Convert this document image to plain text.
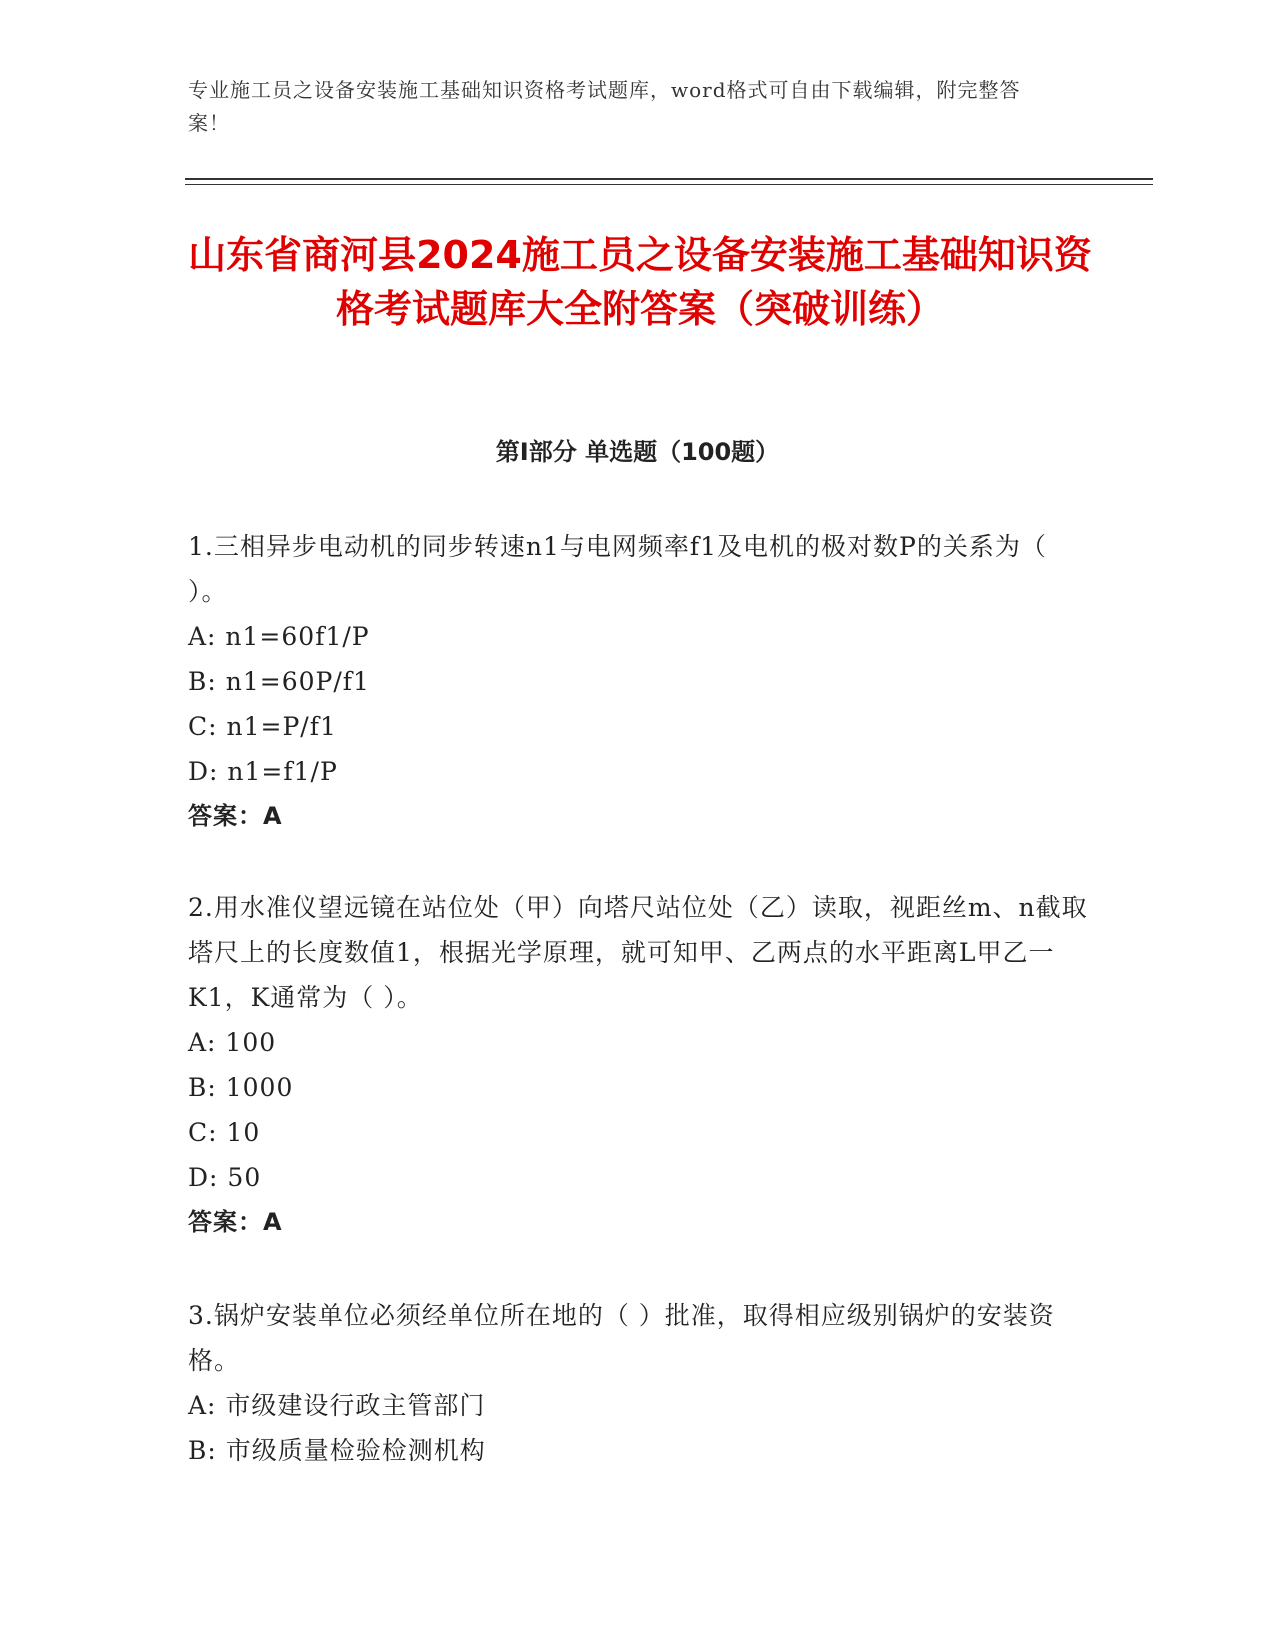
专业施工员之设备安装施工基础知识资格考试题库，word格式可自由下载编辑，附完整答案！
山东省商河县2024施工员之设备安装施工基础知识资格考试题库大全附答案（突破训练）
第Ⅰ部分 单选题（100题）

1.三相异步电动机的同步转速n1与电网频率f1及电机的极对数P的关系为（ ）。

A: n1=60f1/P

B: n1=60P/f1

C: n1=P/f1

D: n1=f1/P

答案：A

2.用水准仪望远镜在站位处（甲）向塔尺站位处（乙）读取，视距丝m、n截取塔尺上的长度数值1，根据光学原理，就可知甲、乙两点的水平距离L甲乙一K1，K通常为（ ）。

A: 100

B: 1000

C: 10

D: 50

答案：A

3.锅炉安装单位必须经单位所在地的（ ）批准，取得相应级别锅炉的安装资格。

A: 市级建设行政主管部门

B: 市级质量检验检测机构
